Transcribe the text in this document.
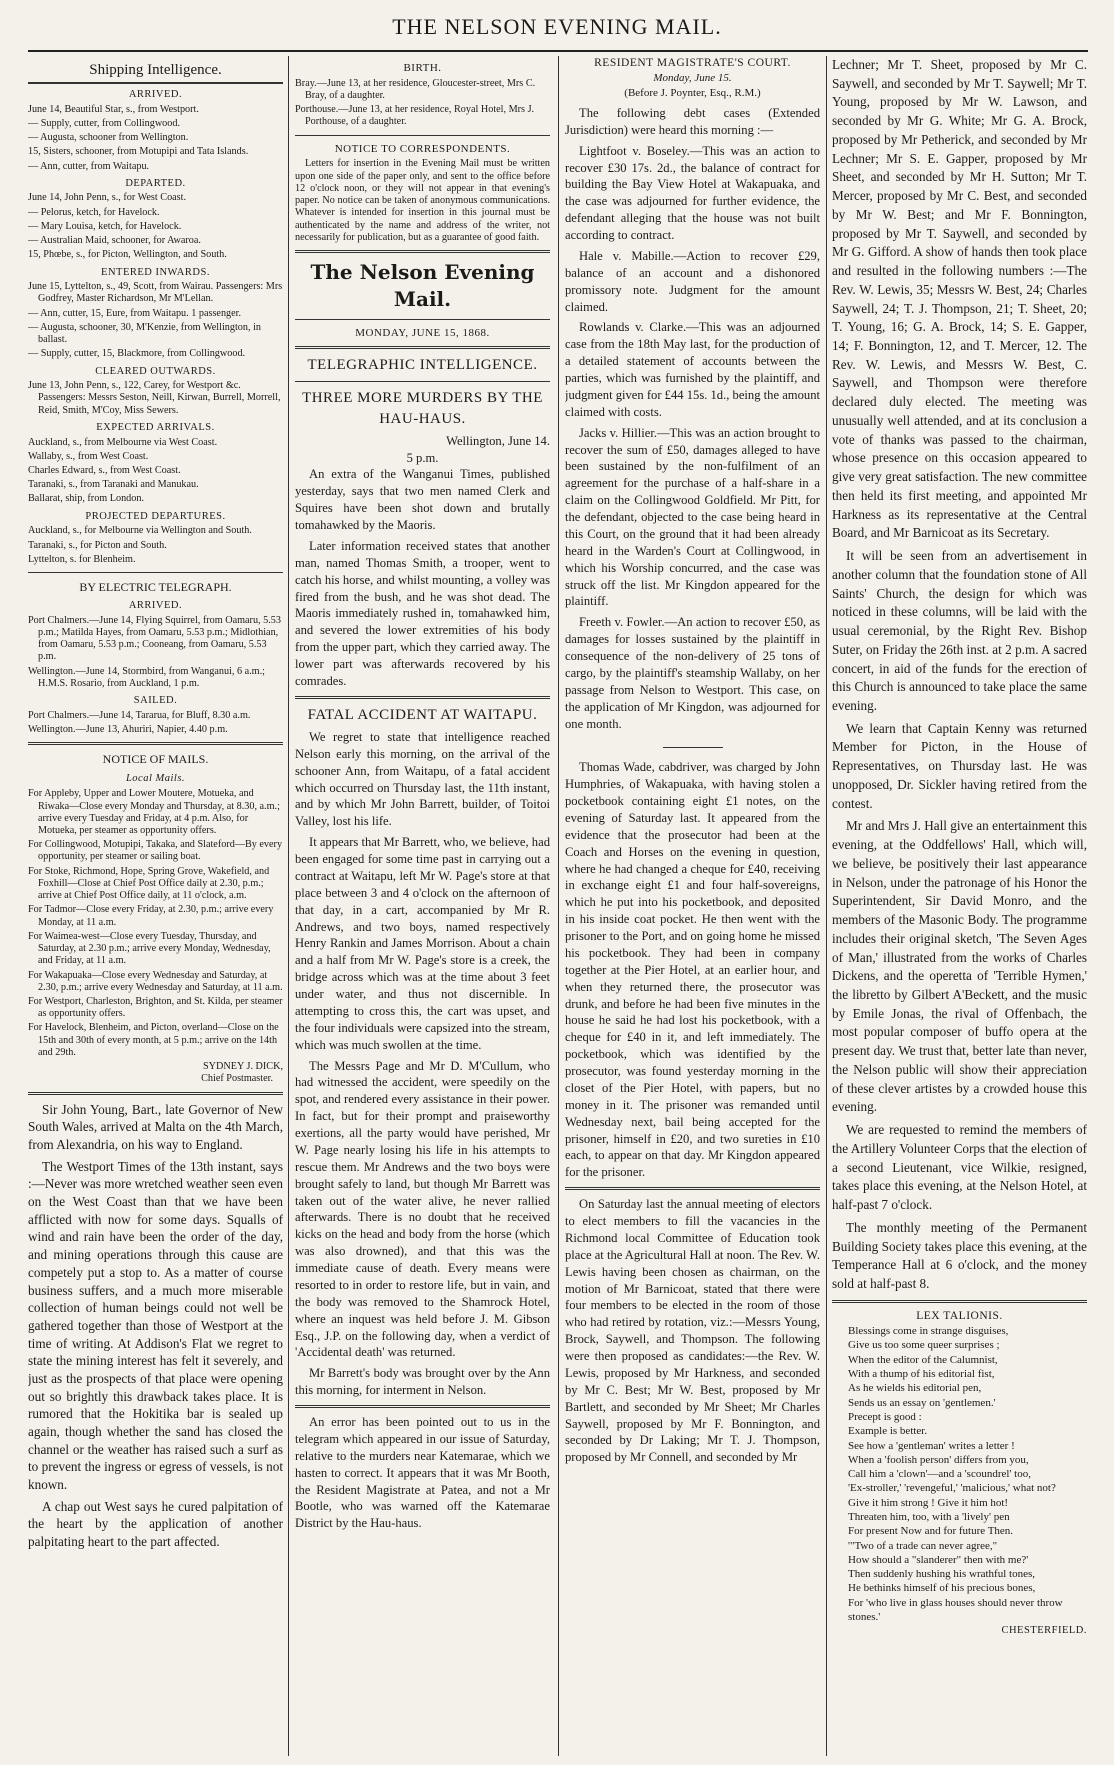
THE NELSON EVENING MAIL.
Shipping Intelligence.
ARRIVED.

June 14, Beautiful Star, s., from Westport.

— Supply, cutter, from Collingwood.

— Augusta, schooner from Wellington.

15, Sisters, schooner, from Motupipi and Tata Islands.

— Ann, cutter, from Waitapu.

DEPARTED.

June 14, John Penn, s., for West Coast.

— Pelorus, ketch, for Havelock.

— Mary Louisa, ketch, for Havelock.

— Australian Maid, schooner, for Awaroa.

15, Phœbe, s., for Picton, Wellington, and South.

ENTERED INWARDS.

June 15, Lyttelton, s., 49, Scott, from Wairau. Passengers: Mrs Godfrey, Master Richardson, Mr M'Lellan.

— Ann, cutter, 15, Eure, from Waitapu. 1 passenger.

— Augusta, schooner, 30, M'Kenzie, from Wellington, in ballast.

— Supply, cutter, 15, Blackmore, from Collingwood.

CLEARED OUTWARDS.

June 13, John Penn, s., 122, Carey, for Westport &c. Passengers: Messrs Seston, Neill, Kirwan, Burrell, Morrell, Reid, Smith, M'Coy, Miss Sewers.

EXPECTED ARRIVALS.

Auckland, s., from Melbourne via West Coast.

Wallaby, s., from West Coast.

Charles Edward, s., from West Coast.

Taranaki, s., from Taranaki and Manukau.

Ballarat, ship, from London.

PROJECTED DEPARTURES.

Auckland, s., for Melbourne via Wellington and South.

Taranaki, s., for Picton and South.

Lyttelton, s. for Blenheim.

BY ELECTRIC TELEGRAPH.
ARRIVED.

Port Chalmers.—June 14, Flying Squirrel, from Oamaru, 5.53 p.m.; Matilda Hayes, from Oamaru, 5.53 p.m.; Midlothian, from Oamaru, 5.53 p.m.; Cooneang, from Oamaru, 5.53 p.m.

Wellington.—June 14, Stormbird, from Wanganui, 6 a.m.; H.M.S. Rosario, from Auckland, 1 p.m.

SAILED.

Port Chalmers.—June 14, Tararua, for Bluff, 8.30 a.m.

Wellington.—June 13, Ahuriri, Napier, 4.40 p.m.

NOTICE OF MAILS.
Local Mails.

For Appleby, Upper and Lower Moutere, Motueka, and Riwaka—Close every Monday and Thursday, at 8.30, a.m.; arrive every Tuesday and Friday, at 4 p.m. Also, for Motueka, per steamer as opportunity offers.

For Collingwood, Motupipi, Takaka, and Slateford—By every opportunity, per steamer or sailing boat.

For Stoke, Richmond, Hope, Spring Grove, Wakefield, and Foxhill—Close at Chief Post Office daily at 2.30, p.m.; arrive at Chief Post Office daily, at 11 o'clock, a.m.

For Tadmor—Close every Friday, at 2.30, p.m.; arrive every Monday, at 11 a.m.

For Waimea-west—Close every Tuesday, Thursday, and Saturday, at 2.30 p.m.; arrive every Monday, Wednesday, and Friday, at 11 a.m.

For Wakapuaka—Close every Wednesday and Saturday, at 2.30, p.m.; arrive every Wednesday and Saturday, at 11 a.m.

For Westport, Charleston, Brighton, and St. Kilda, per steamer as opportunity offers.

For Havelock, Blenheim, and Picton, overland—Close on the 15th and 30th of every month, at 5 p.m.; arrive on the 14th and 29th.

SYDNEY J. DICK,
Chief Postmaster.

Sir John Young, Bart., late Governor of New South Wales, arrived at Malta on the 4th March, from Alexandria, on his way to England.

The Westport Times of the 13th instant, says :—Never was more wretched weather seen even on the West Coast than that we have been afflicted with now for some days. Squalls of wind and rain have been the order of the day, and mining operations through this cause are competely put a stop to. As a matter of course business suffers, and a much more miserable collection of human beings could not well be gathered together than those of Westport at the time of writing. At Addison's Flat we regret to state the mining interest has felt it severely, and just as the prospects of that place were opening out so brightly this drawback takes place. It is rumored that the Hokitika bar is sealed up again, though whether the sand has closed the channel or the weather has raised such a surf as to prevent the ingress or egress of vessels, is not known.

A chap out West says he cured palpitation of the heart by the application of another palpitating heart to the part affected.

BIRTH.

Bray.—June 13, at her residence, Gloucester-street, Mrs C. Bray, of a daughter.

Porthouse.—June 13, at her residence, Royal Hotel, Mrs J. Porthouse, of a daughter.

NOTICE TO CORRESPONDENTS.
Letters for insertion in the Evening Mail must be written upon one side of the paper only, and sent to the office before 12 o'clock noon, or they will not appear in that evening's paper. No notice can be taken of anonymous communications. Whatever is intended for insertion in this journal must be authenticated by the name and address of the writer, not necessarily for publication, but as a guarantee of good faith.
The Nelson Evening Mail.
MONDAY, JUNE 15, 1868.
TELEGRAPHIC INTELLIGENCE.
THREE MORE MURDERS BY THE HAU-HAUS.
Wellington, June 14.
5 p.m.

An extra of the Wanganui Times, published yesterday, says that two men named Clerk and Squires have been shot down and brutally tomahawked by the Maoris.

Later information received states that another man, named Thomas Smith, a trooper, went to catch his horse, and whilst mounting, a volley was fired from the bush, and he was shot dead. The Maoris immediately rushed in, tomahawked him, and severed the lower extremities of his body from the upper part, which they carried away. The lower part was afterwards recovered by his comrades.

FATAL ACCIDENT AT WAITAPU.

We regret to state that intelligence reached Nelson early this morning, on the arrival of the schooner Ann, from Waitapu, of a fatal accident which occurred on Thursday last, the 11th instant, and by which Mr John Barrett, builder, of Toitoi Valley, lost his life.

It appears that Mr Barrett, who, we believe, had been engaged for some time past in carrying out a contract at Waitapu, left Mr W. Page's store at that place between 3 and 4 o'clock on the afternoon of that day, in a cart, accompanied by Mr R. Andrews, and two boys, named respectively Henry Rankin and James Morrison. About a chain and a half from Mr W. Page's store is a creek, the bridge across which was at the time about 3 feet under water, and thus not discernible. In attempting to cross this, the cart was upset, and the four individuals were capsized into the stream, which was much swollen at the time.

The Messrs Page and Mr D. M'Cullum, who had witnessed the accident, were speedily on the spot, and rendered every assistance in their power. In fact, but for their prompt and praiseworthy exertions, all the party would have perished, Mr W. Page nearly losing his life in his attempts to rescue them. Mr Andrews and the two boys were brought safely to land, but though Mr Barrett was taken out of the water alive, he never rallied afterwards. There is no doubt that he received kicks on the head and body from the horse (which was also drowned), and that this was the immediate cause of death. Every means were resorted to in order to restore life, but in vain, and the body was removed to the Shamrock Hotel, where an inquest was held before J. M. Gibson Esq., J.P. on the following day, when a verdict of 'Accidental death' was returned.

Mr Barrett's body was brought over by the Ann this morning, for interment in Nelson.

An error has been pointed out to us in the telegram which appeared in our issue of Saturday, relative to the murders near Katemarae, which we hasten to correct. It appears that it was Mr Booth, the Resident Magistrate at Patea, and not a Mr Bootle, who was warned off the Katemarae District by the Hau-haus.

RESIDENT MAGISTRATE'S COURT.
Monday, June 15.
(Before J. Poynter, Esq., R.M.)

The following debt cases (Extended Jurisdiction) were heard this morning :—

Lightfoot v. Boseley.—This was an action to recover £30 17s. 2d., the balance of contract for building the Bay View Hotel at Wakapuaka, and the case was adjourned for further evidence, the defendant alleging that the house was not built according to contract.

Hale v. Mabille.—Action to recover £29, balance of an account and a dishonored promissory note. Judgment for the amount claimed.

Rowlands v. Clarke.—This was an adjourned case from the 18th May last, for the production of a detailed statement of accounts between the parties, which was furnished by the plaintiff, and judgment given for £44 15s. 1d., being the amount claimed with costs.

Jacks v. Hillier.—This was an action brought to recover the sum of £50, damages alleged to have been sustained by the non-fulfilment of an agreement for the purchase of a half-share in a claim on the Collingwood Goldfield. Mr Pitt, for the defendant, objected to the case being heard in this Court, on the ground that it had been already heard in the Warden's Court at Collingwood, in which his Worship concurred, and the case was struck off the list. Mr Kingdon appeared for the plaintiff.

Freeth v. Fowler.—An action to recover £50, as damages for losses sustained by the plaintiff in consequence of the non-delivery of 25 tons of cargo, by the plaintiff's steamship Wallaby, on her passage from Nelson to Westport. This case, on the application of Mr Kingdon, was adjourned for one month.

Thomas Wade, cabdriver, was charged by John Humphries, of Wakapuaka, with having stolen a pocketbook containing eight £1 notes, on the evening of Saturday last. It appeared from the evidence that the prosecutor had been at the Coach and Horses on the evening in question, where he had changed a cheque for £40, receiving in exchange eight £1 and four half-sovereigns, which he put into his pocketbook, and deposited in his inside coat pocket. He then went with the prisoner to the Port, and on going home he missed his pocketbook. They had been in company together at the Pier Hotel, at an earlier hour, and when they returned there, the prosecutor was drunk, and before he had been five minutes in the house he said he had lost his pocketbook, with a cheque for £40 in it, and left immediately. The pocketbook, which was identified by the prosecutor, was found yesterday morning in the closet of the Pier Hotel, with papers, but no money in it. The prisoner was remanded until Wednesday next, bail being accepted for the prisoner, himself in £20, and two sureties in £10 each, to appear on that day. Mr Kingdon appeared for the prisoner.

On Saturday last the annual meeting of electors to elect members to fill the vacancies in the Richmond local Committee of Education took place at the Agricultural Hall at noon. The Rev. W. Lewis having been chosen as chairman, on the motion of Mr Barnicoat, stated that there were four members to be elected in the room of those who had retired by rotation, viz.:—Messrs Young, Brock, Saywell, and Thompson. The following were then proposed as candidates:—the Rev. W. Lewis, proposed by Mr Harkness, and seconded by Mr C. Best; Mr W. Best, proposed by Mr Bartlett, and seconded by Mr Sheet; Mr Charles Saywell, proposed by Mr F. Bonnington, and seconded by Dr Laking; Mr T. J. Thompson, proposed by Mr Connell, and seconded by Mr

Lechner; Mr T. Sheet, proposed by Mr C. Saywell, and seconded by Mr T. Saywell; Mr T. Young, proposed by Mr W. Lawson, and seconded by Mr G. White; Mr G. A. Brock, proposed by Mr Petherick, and seconded by Mr Lechner; Mr S. E. Gapper, proposed by Mr Sheet, and seconded by Mr H. Sutton; Mr T. Mercer, proposed by Mr C. Best, and seconded by Mr W. Best; and Mr F. Bonnington, proposed by Mr T. Saywell, and seconded by Mr G. Gifford. A show of hands then took place and resulted in the following numbers :—The Rev. W. Lewis, 35; Messrs W. Best, 24; Charles Saywell, 24; T. J. Thompson, 21; T. Sheet, 20; T. Young, 16; G. A. Brock, 14; S. E. Gapper, 14; F. Bonnington, 12, and T. Mercer, 12. The Rev. W. Lewis, and Messrs W. Best, C. Saywell, and Thompson were therefore declared duly elected. The meeting was unusually well attended, and at its conclusion a vote of thanks was passed to the chairman, whose presence on this occasion appeared to give very great satisfaction. The new committee then held its first meeting, and appointed Mr Harkness as its representative at the Central Board, and Mr Barnicoat as its Secretary.

It will be seen from an advertisement in another column that the foundation stone of All Saints' Church, the design for which was noticed in these columns, will be laid with the usual ceremonial, by the Right Rev. Bishop Suter, on Friday the 26th inst. at 2 p.m. A sacred concert, in aid of the funds for the erection of this Church is announced to take place the same evening.

We learn that Captain Kenny was returned Member for Picton, in the House of Representatives, on Thursday last. He was unopposed, Dr. Sickler having retired from the contest.

Mr and Mrs J. Hall give an entertainment this evening, at the Oddfellows' Hall, which will, we believe, be positively their last appearance in Nelson, under the patronage of his Honor the Superintendent, Sir David Monro, and the members of the Masonic Body. The programme includes their original sketch, 'The Seven Ages of Man,' illustrated from the works of Charles Dickens, and the operetta of 'Terrible Hymen,' the libretto by Gilbert A'Beckett, and the music by Emile Jonas, the rival of Offenbach, the most popular composer of buffo opera at the present day. We trust that, better late than never, the Nelson public will show their appreciation of these clever artistes by a crowded house this evening.

We are requested to remind the members of the Artillery Volunteer Corps that the election of a second Lieutenant, vice Wilkie, resigned, takes place this evening, at the Nelson Hotel, at half-past 7 o'clock.

The monthly meeting of the Permanent Building Society takes place this evening, at the Temperance Hall at 6 o'clock, and the money sold at half-past 8.

LEX TALIONIS.
Blessings come in strange disguises,
Give us too some queer surprises ;
When the editor of the Calumnist,
With a thump of his editorial fist,
As he wields his editorial pen,
Sends us an essay on 'gentlemen.'
Precept is good :
Example is better.
See how a 'gentleman' writes a letter !
When a 'foolish person' differs from you,
Call him a 'clown'—and a 'scoundrel' too,
'Ex-stroller,' 'revengeful,' 'malicious,' what not?
Give it him strong ! Give it him hot!
Threaten him, too, with a 'lively' pen
For present Now and for future Then.
'"Two of a trade can never agree,"
How should a "slanderer" then with me?'
Then suddenly hushing his wrathful tones,
He bethinks himself of his precious bones,
For 'who live in glass houses should never throw stones.'
CHESTERFIELD.
